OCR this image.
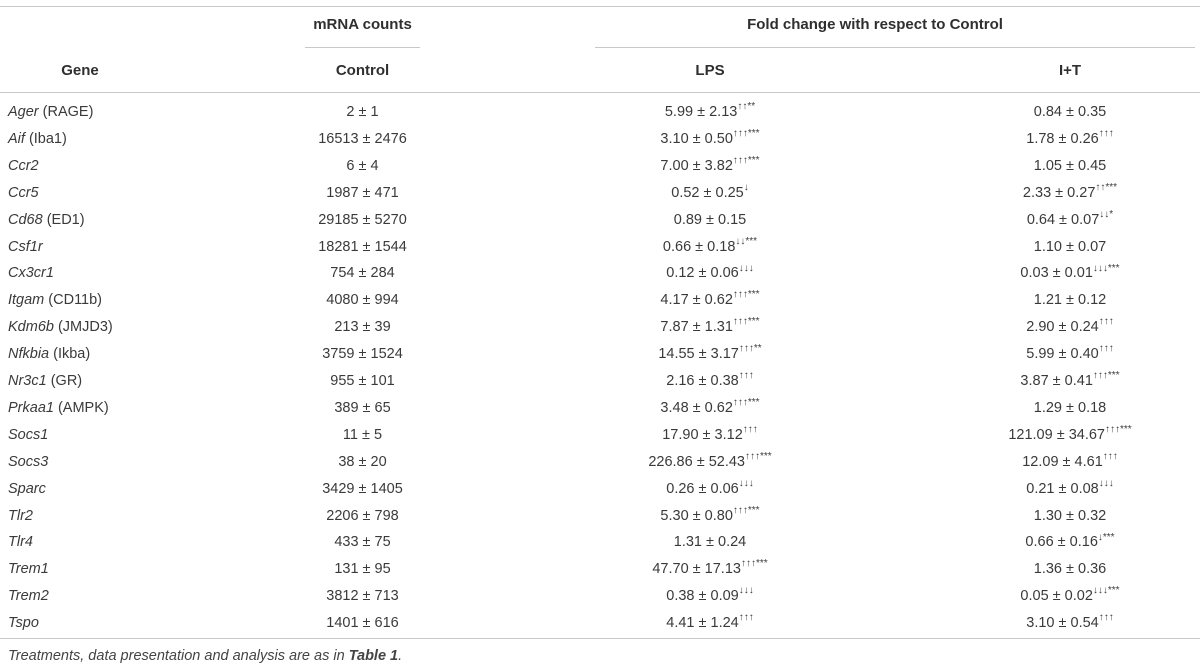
mRNA counts	Fold change with respect to Control
Gene	Control	LPS	I+T
Ager (RAGE)	2 ± 1	5.99 ± 2.13↑↑**	0.84 ± 0.35
Aif (Iba1)	16513 ± 2476	3.10 ± 0.50↑↑↑***	1.78 ± 0.26↑↑↑
Ccr2	6 ± 4	7.00 ± 3.82↑↑↑***	1.05 ± 0.45
Ccr5	1987 ± 471	0.52 ± 0.25↓	2.33 ± 0.27↑↑***
Cd68 (ED1)	29185 ± 5270	0.89 ± 0.15	0.64 ± 0.07↓↓*
Csf1r	18281 ± 1544	0.66 ± 0.18↓↓***	1.10 ± 0.07
Cx3cr1	754 ± 284	0.12 ± 0.06↓↓↓	0.03 ± 0.01↓↓↓***
Itgam (CD11b)	4080 ± 994	4.17 ± 0.62↑↑↑***	1.21 ± 0.12
Kdm6b (JMJD3)	213 ± 39	7.87 ± 1.31↑↑↑***	2.90 ± 0.24↑↑↑
Nfkbia (Ikba)	3759 ± 1524	14.55 ± 3.17↑↑↑**	5.99 ± 0.40↑↑↑
Nr3c1 (GR)	955 ± 101	2.16 ± 0.38↑↑↑	3.87 ± 0.41↑↑↑***
Prkaa1 (AMPK)	389 ± 65	3.48 ± 0.62↑↑↑***	1.29 ± 0.18
Socs1	11 ± 5	17.90 ± 3.12↑↑↑	121.09 ± 34.67↑↑↑***
Socs3	38 ± 20	226.86 ± 52.43↑↑↑***	12.09 ± 4.61↑↑↑
Sparc	3429 ± 1405	0.26 ± 0.06↓↓↓	0.21 ± 0.08↓↓↓
Tlr2	2206 ± 798	5.30 ± 0.80↑↑↑***	1.30 ± 0.32
Tlr4	433 ± 75	1.31 ± 0.24	0.66 ± 0.16↓***
Trem1	131 ± 95	47.70 ± 17.13↑↑↑***	1.36 ± 0.36
Trem2	3812 ± 713	0.38 ± 0.09↓↓↓	0.05 ± 0.02↓↓↓***
Tspo	1401 ± 616	4.41 ± 1.24↑↑↑	3.10 ± 0.54↑↑↑
Treatments, data presentation and analysis are as in Table 1.
